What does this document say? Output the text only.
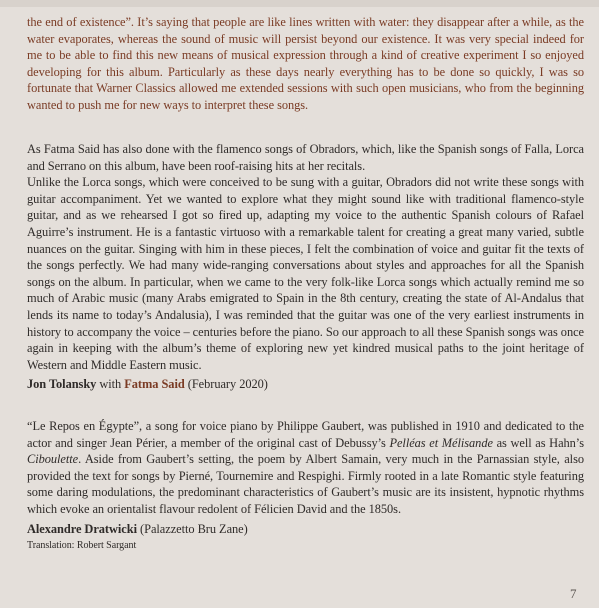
the end of existence”. It’s saying that people are like lines written with water: they disappear after a while, as the water evaporates, whereas the sound of music will persist beyond our existence. It was very special indeed for me to be able to find this new means of musical expression through a kind of creative experiment I so enjoyed developing for this album. Particularly as these days nearly everything has to be done so quickly, I was so fortunate that Warner Classics allowed me extended sessions with such open musicians, who from the beginning wanted to push me for new ways to interpret these songs.

As Fatma Said has also done with the flamenco songs of Obradors, which, like the Spanish songs of Falla, Lorca and Serrano on this album, have been roof-raising hits at her recitals.

Unlike the Lorca songs, which were conceived to be sung with a guitar, Obradors did not write these songs with guitar accompaniment. Yet we wanted to explore what they might sound like with traditional flamenco-style guitar, and as we rehearsed I got so fired up, adapting my voice to the authentic Spanish colours of Rafael Aguirre’s instrument. He is a fantastic virtuoso with a remarkable talent for creating a great many varied, subtle nuances on the guitar. Singing with him in these pieces, I felt the combination of voice and guitar fit the texts of the songs perfectly. We had many wide-ranging conversations about styles and approaches for all the Spanish songs on the album. In particular, when we came to the very folk-like Lorca songs which actually remind me so much of Arabic music (many Arabs emigrated to Spain in the 8th century, creating the state of Al-Andalus that lends its name to today’s Andalusia), I was reminded that the guitar was one of the very earliest instruments in history to accompany the voice – centuries before the piano. So our approach to all these Spanish songs was once again in keeping with the album’s theme of exploring new yet kindred musical paths to the joint heritage of Western and Middle Eastern music.

Jon Tolansky with Fatma Said (February 2020)

“Le Repos en Égypte”, a song for voice piano by Philippe Gaubert, was published in 1910 and dedicated to the actor and singer Jean Périer, a member of the original cast of Debussy’s Pelléas et Mélisande as well as Hahn’s Ciboulette. Aside from Gaubert’s setting, the poem by Albert Samain, very much in the Parnassian style, also provided the text for songs by Pierné, Tournemire and Respighi. Firmly rooted in a late Romantic style featuring some daring modulations, the predominant characteristics of Gaubert’s music are its insistent, hypnotic rhythms which evoke an orientalist flavour redolent of Félicien David and the 1850s.

Alexandre Dratwicki (Palazzetto Bru Zane)

Translation: Robert Sargant

7
